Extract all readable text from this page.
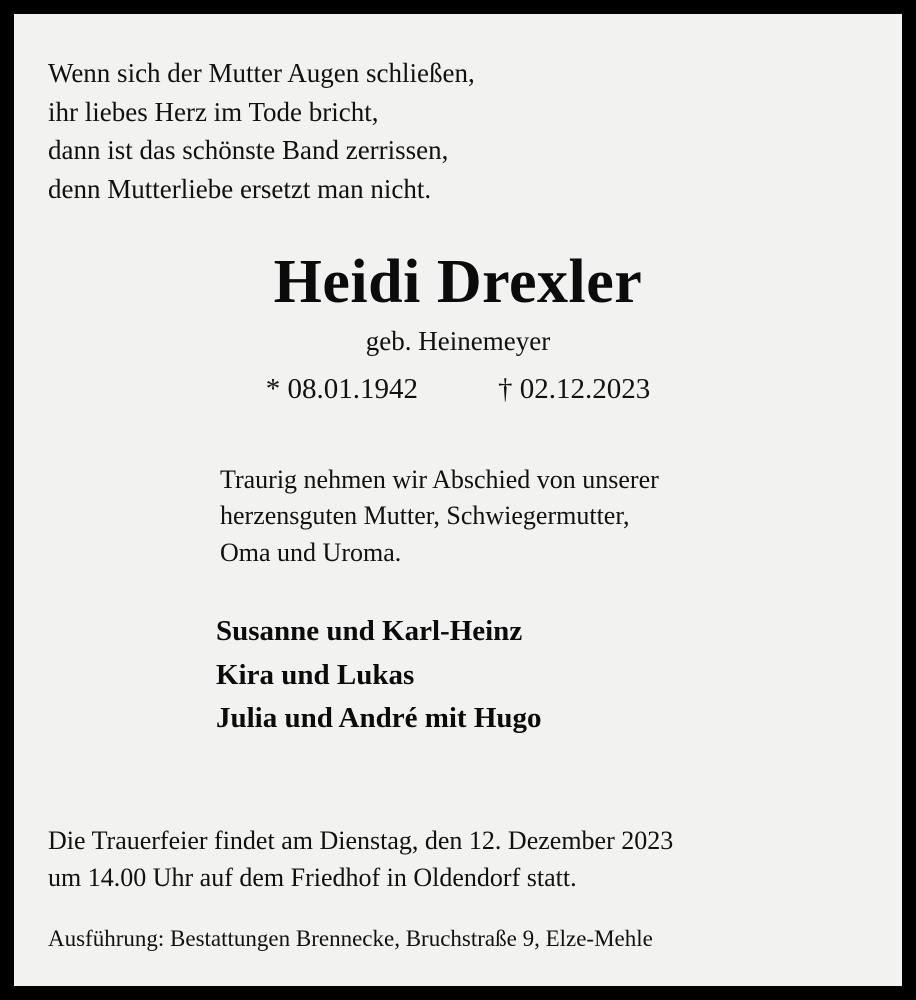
Wenn sich der Mutter Augen schließen,
ihr liebes Herz im Tode bricht,
dann ist das schönste Band zerrissen,
denn Mutterliebe ersetzt man nicht.
Heidi Drexler
geb. Heinemeyer
* 08.01.1942	† 02.12.2023
Traurig nehmen wir Abschied von unserer
herzensguten Mutter, Schwiegermutter,
Oma und Uroma.
Susanne und Karl-Heinz
Kira und Lukas
Julia und André mit Hugo
Die Trauerfeier findet am Dienstag, den 12. Dezember 2023
um 14.00 Uhr auf dem Friedhof in Oldendorf statt.
Ausführung: Bestattungen Brennecke, Bruchstraße 9, Elze-Mehle
